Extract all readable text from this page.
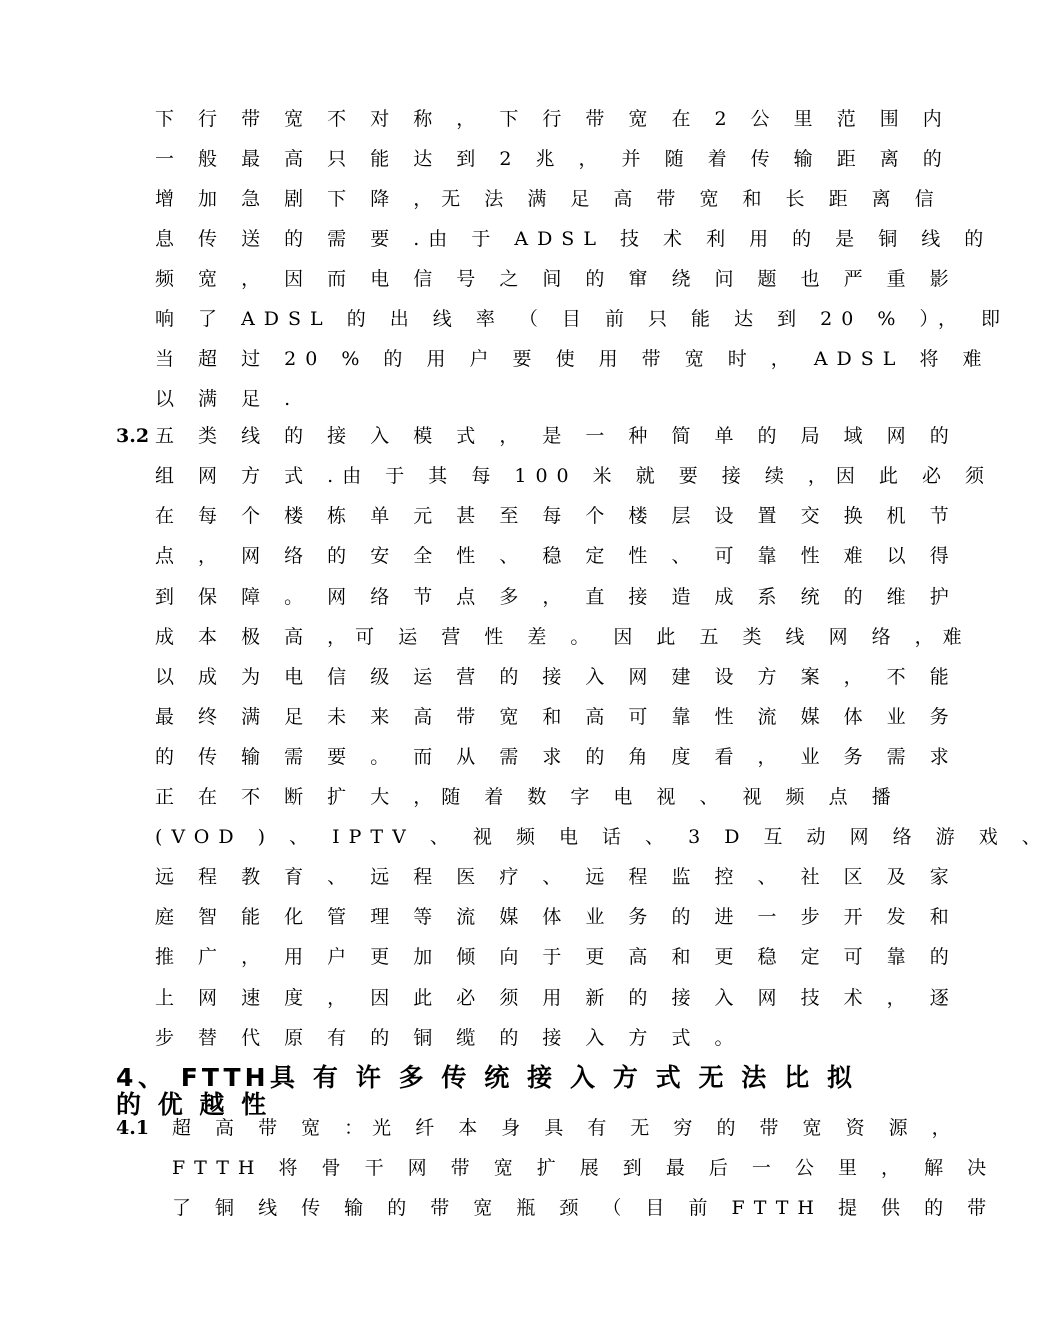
下 行 带 宽 不 对 称 ， 下 行 带 宽 在 2 公 里 范 围 内
一 般 最 高 只 能 达 到 2 兆 ， 并 随 着 传 输 距 离 的
增 加 急 剧 下 降 ，无 法 满 足 高 带 宽 和 长 距 离 信
息 传 送 的 需 要 .由 于 ADSL 技 术 利 用 的 是 铜 线 的
频 宽 ， 因 而 电 信 号 之 间 的 窜 绕 问 题 也 严 重 影
响 了 ADSL 的 出 线 率 （ 目 前 只 能 达 到 20 % ）， 即
当 超 过 20 % 的 用 户 要 使 用 带 宽 时 ， ADSL 将 难
以 满 足 .
3.2 五 类 线 的 接 入 模 式 ， 是 一 种 简 单 的 局 域 网 的
组 网 方 式 .由 于 其 每 100 米 就 要 接 续 ，因 此 必 须
在 每 个 楼 栋 单 元 甚 至 每 个 楼 层 设 置 交 换 机 节
点 ， 网 络 的 安 全 性 、 稳 定 性 、 可 靠 性 难 以 得
到 保 障 。 网 络 节 点 多 ， 直 接 造 成 系 统 的 维 护
成 本 极 高 ，可 运 营 性 差 。 因 此 五 类 线 网 络 ，难
以 成 为 电 信 级 运 营 的 接 入 网 建 设 方 案 ， 不 能
最 终 满 足 未 来 高 带 宽 和 高 可 靠 性 流 媒 体 业 务
的 传 输 需 要 。 而 从 需 求 的 角 度 看 ， 业 务 需 求
正 在 不 断 扩 大 ，随 着 数 字 电 视 、 视 频 点 播
(VOD ) 、 IPTV 、 视 频 电 话 、 3 D 互 动 网 络 游 戏 、
远 程 教 育 、 远 程 医 疗 、 远 程 监 控 、 社 区 及 家
庭 智 能 化 管 理 等 流 媒 体 业 务 的 进 一 步 开 发 和
推 广 ， 用 户 更 加 倾 向 于 更 高 和 更 稳 定 可 靠 的
上 网 速 度 ， 因 此 必 须 用 新 的 接 入 网 技 术 ， 逐
步 替 代 原 有 的 铜 缆 的 接 入 方 式 。
4、 FTTH具 有 许 多 传 统 接 入 方 式 无 法 比 拟 的 优 越 性
4.1 超 高 带 宽 ：光 纤 本 身 具 有 无 穷 的 带 宽 资 源 ，
FTTH 将 骨 干 网 带 宽 扩 展 到 最 后 一 公 里 ， 解 决
了 铜 线 传 输 的 带 宽 瓶 颈 （ 目 前 FTTH 提 供 的 带
